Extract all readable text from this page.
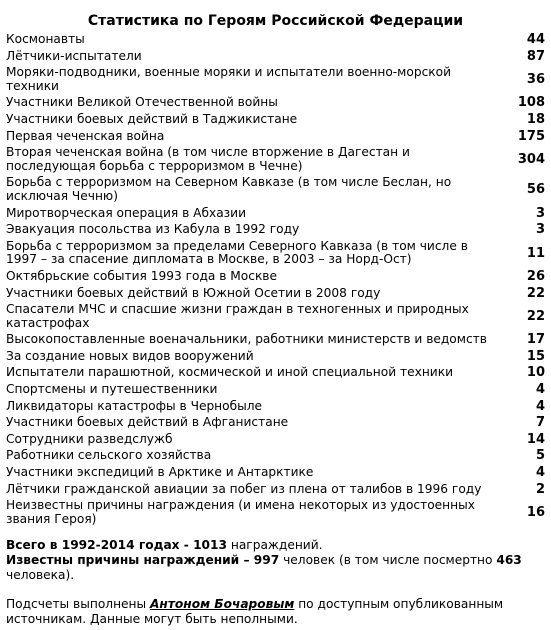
Статистика по Героям Российской Федерации
Космонавты	44
Лётчики-испытатели	87
Моряки-подводники, военные моряки и испытатели военно-морской техники	36
Участники Великой Отечественной войны	108
Участники боевых действий в Таджикистане	18
Первая чеченская война	175
Вторая чеченская война (в том числе вторжение в Дагестан и последующая борьба с терроризмом в Чечне)	304
Борьба с терроризмом на Северном Кавказе (в том числе Беслан, но исключая Чечню)	56
Миротворческая операция в Абхазии	3
Эвакуация посольства из Кабула в 1992 году	3
Борьба с терроризмом за пределами Северного Кавказа (в том числе в 1997 – за спасение дипломата в Москве, в 2003 – за Норд-Ост)	11
Октябрьские события 1993 года в Москве	26
Участники боевых действий в Южной Осетии в 2008 году	22
Спасатели МЧС и спасшие жизни граждан в техногенных и природных катастрофах	22
Высокопоставленные военачальники, работники министерств и ведомств	17
За создание новых видов вооружений	15
Испытатели парашютной, космической и иной специальной техники	10
Спортсмены и путешественники	4
Ликвидаторы катастрофы в Чернобыле	4
Участники боевых действий в Афганистане	7
Сотрудники разведслужб	14
Работники сельского хозяйства	5
Участники экспедиций в Арктике и Антарктике	4
Лётчики гражданской авиации за побег из плена от талибов в 1996 году	2
Неизвестны причины награждения (и имена некоторых из удостоенных звания Героя)	16

Всего в 1992-2014 годах - 1013 награждений.

Известны причины награждений – 997 человек (в том числе посмертно 463 человека).

Подсчеты выполнены Антоном Бочаровым по доступным опубликованным источникам. Данные могут быть неполными.
